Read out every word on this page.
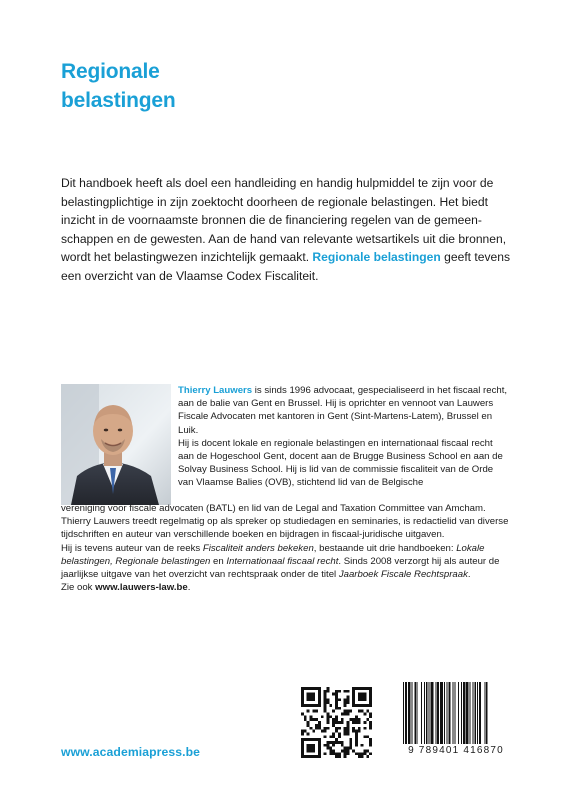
Regionale
belastingen
Dit handboek heeft als doel een handleiding en handig hulpmiddel te zijn voor de belastingplichtige in zijn zoektocht doorheen de regionale belastingen. Het biedt inzicht in de voornaamste bronnen die de financiering regelen van de gemeen-schappen en de gewesten. Aan de hand van relevante wetsartikels uit die bronnen, wordt het belastingwezen inzichtelijk gemaakt. Regionale belastingen geeft tevens een overzicht van de Vlaamse Codex Fiscaliteit.

Thierry Lauwers is sinds 1996 advocaat, gespecialiseerd in het fiscaal recht, aan de balie van Gent en Brussel. Hij is oprichter en vennoot van Lauwers Fiscale Advocaten met kantoren in Gent (Sint-Martens-Latem), Brussel en Luik.

Hij is docent lokale en regionale belastingen en internationaal fiscaal recht aan de Hogeschool Gent, docent aan de Brugge Business School en aan de Solvay Business School. Hij is lid van de commissie fiscaliteit van de Orde van Vlaamse Balies (OVB), stichtend lid van de Belgische

vereniging voor fiscale advocaten (BATL) en lid van de Legal and Taxation Committee van Amcham. Thierry Lauwers treedt regelmatig op als spreker op studiedagen en seminaries, is redactielid van diverse tijdschriften en auteur van verschillende boeken en bijdragen in fiscaal-juridische uitgaven.

Hij is tevens auteur van de reeks Fiscaliteit anders bekeken, bestaande uit drie handboeken: Lokale belastingen, Regionale belastingen en Internationaal fiscaal recht. Sinds 2008 verzorgt hij als auteur de jaarlijkse uitgave van het overzicht van rechtspraak onder de titel Jaarboek Fiscale Rechtspraak.

Zie ook www.lauwers-law.be.

9 789401 416870
www.academiapress.be
